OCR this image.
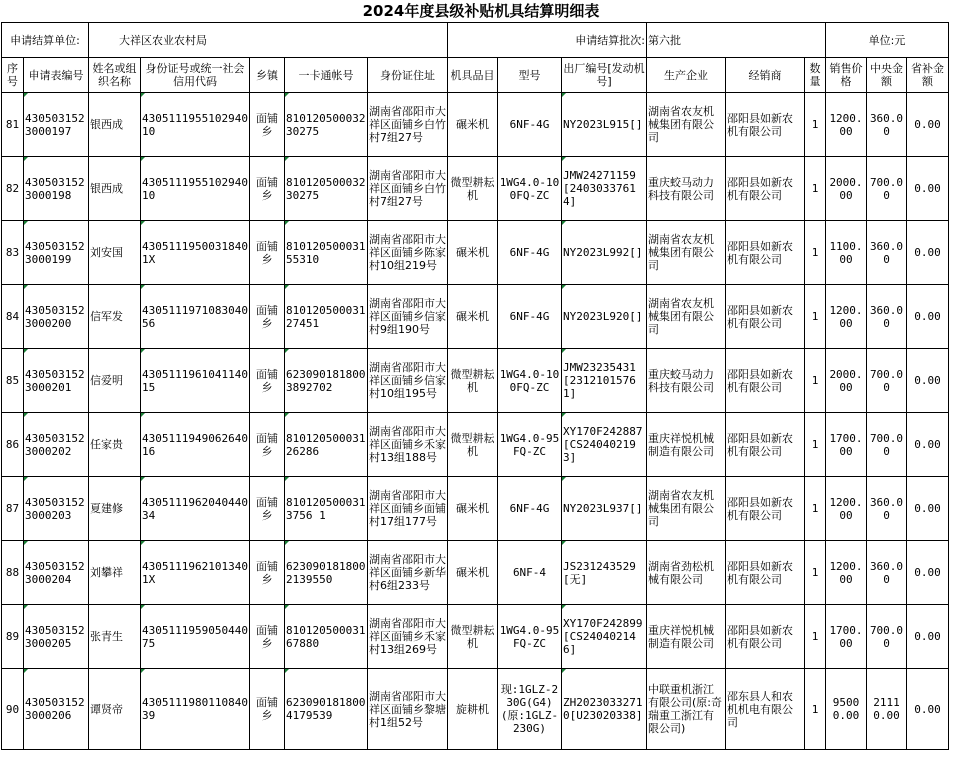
2024年度县级补贴机具结算明细表
申请结算单位:		大祥区农业农村局					申请结算批次:			第六批			单位:元		
序号	申请表编号	姓名或组织名称	身份证号或统一社会信用代码	乡镇	一卡通帐号	身份证住址	机具品目	型号	出厂编号[发动机号]	生产企业	经销商	数量	销售价格	中央金额	省补金额
81	4305031523000197	银西成	430511195510294010	面铺乡	81012050003230275	湖南省邵阳市大祥区面铺乡白竹村7组27号	碾米机	6NF-4G	NY2023L915[]	湖南省农友机械集团有限公司	邵阳县如新农机有限公司	1	1200.00	360.00	0.00
82	4305031523000198	银西成	430511195510294010	面铺乡	81012050003230275	湖南省邵阳市大祥区面铺乡白竹村7组27号	微型耕耘机	1WG4.0-100FQ-ZC	JMW24271159[24030337614]	重庆蛟马动力科技有限公司	邵阳县如新农机有限公司	1	2000.00	700.00	0.00
83	4305031523000199	刘安国	43051119500318401X	面铺乡	81012050003155310	湖南省邵阳市大祥区面铺乡陈家村10组219号	碾米机	6NF-4G	NY2023L992[]	湖南省农友机械集团有限公司	邵阳县如新农机有限公司	1	1100.00	360.00	0.00
84	4305031523000200	信军发	430511197108304056	面铺乡	81012050003127451	湖南省邵阳市大祥区面铺乡信家村9组190号	碾米机	6NF-4G	NY2023L920[]	湖南省农友机械集团有限公司	邵阳县如新农机有限公司	1	1200.00	360.00	0.00
85	4305031523000201	信爱明	430511196104114015	面铺乡	6230901818003892702	湖南省邵阳市大祥区面铺乡信家村10组195号	微型耕耘机	1WG4.0-100FQ-ZC	JMW23235431[23121015761]	重庆蛟马动力科技有限公司	邵阳县如新农机有限公司	1	2000.00	700.00	0.00
86	4305031523000202	任家贵	430511194906264016	面铺乡	81012050003126286	湖南省邵阳市大祥区面铺乡禾家村13组188号	微型耕耘机	1WG4.0-95FQ-ZC	XY170F242887[CS240402193]	重庆祥悦机械制造有限公司	邵阳县如新农机有限公司	1	1700.00	700.00	0.00
87	4305031523000203	夏建修	430511196204044034	面铺乡	8101205000313756 1	湖南省邵阳市大祥区面铺乡面铺村17组177号	碾米机	6NF-4G	NY2023L937[]	湖南省农友机械集团有限公司	邵阳县如新农机有限公司	1	1200.00	360.00	0.00
88	4305031523000204	刘攀祥	43051119621013401X	面铺乡	6230901818002139550	湖南省邵阳市大祥区面铺乡新华村6组233号	碾米机	6NF-4	JS231243529[无]	湖南省劲松机械有限公司	邵阳县如新农机有限公司	1	1200.00	360.00	0.00
89	4305031523000205	张青生	430511195905044075	面铺乡	81012050003167880	湖南省邵阳市大祥区面铺乡禾家村13组269号	微型耕耘机	1WG4.0-95FQ-ZC	XY170F242899[CS240402146]	重庆祥悦机械制造有限公司	邵阳县如新农机有限公司	1	1700.00	700.00	0.00
90	4305031523000206	谭贤帝	430511198011084039	面铺乡	6230901818004179539	湖南省邵阳市大祥区面铺乡黎塘村1组52号	旋耕机	现:1GLZ-230G(G4)(原:1GLZ-230G)	ZH20230332710[U23020338]	中联重机浙江有限公司(原:奇瑞重工浙江有限公司)	邵东县人和农机机电有限公司	1	95000.00	21110.00	0.00
